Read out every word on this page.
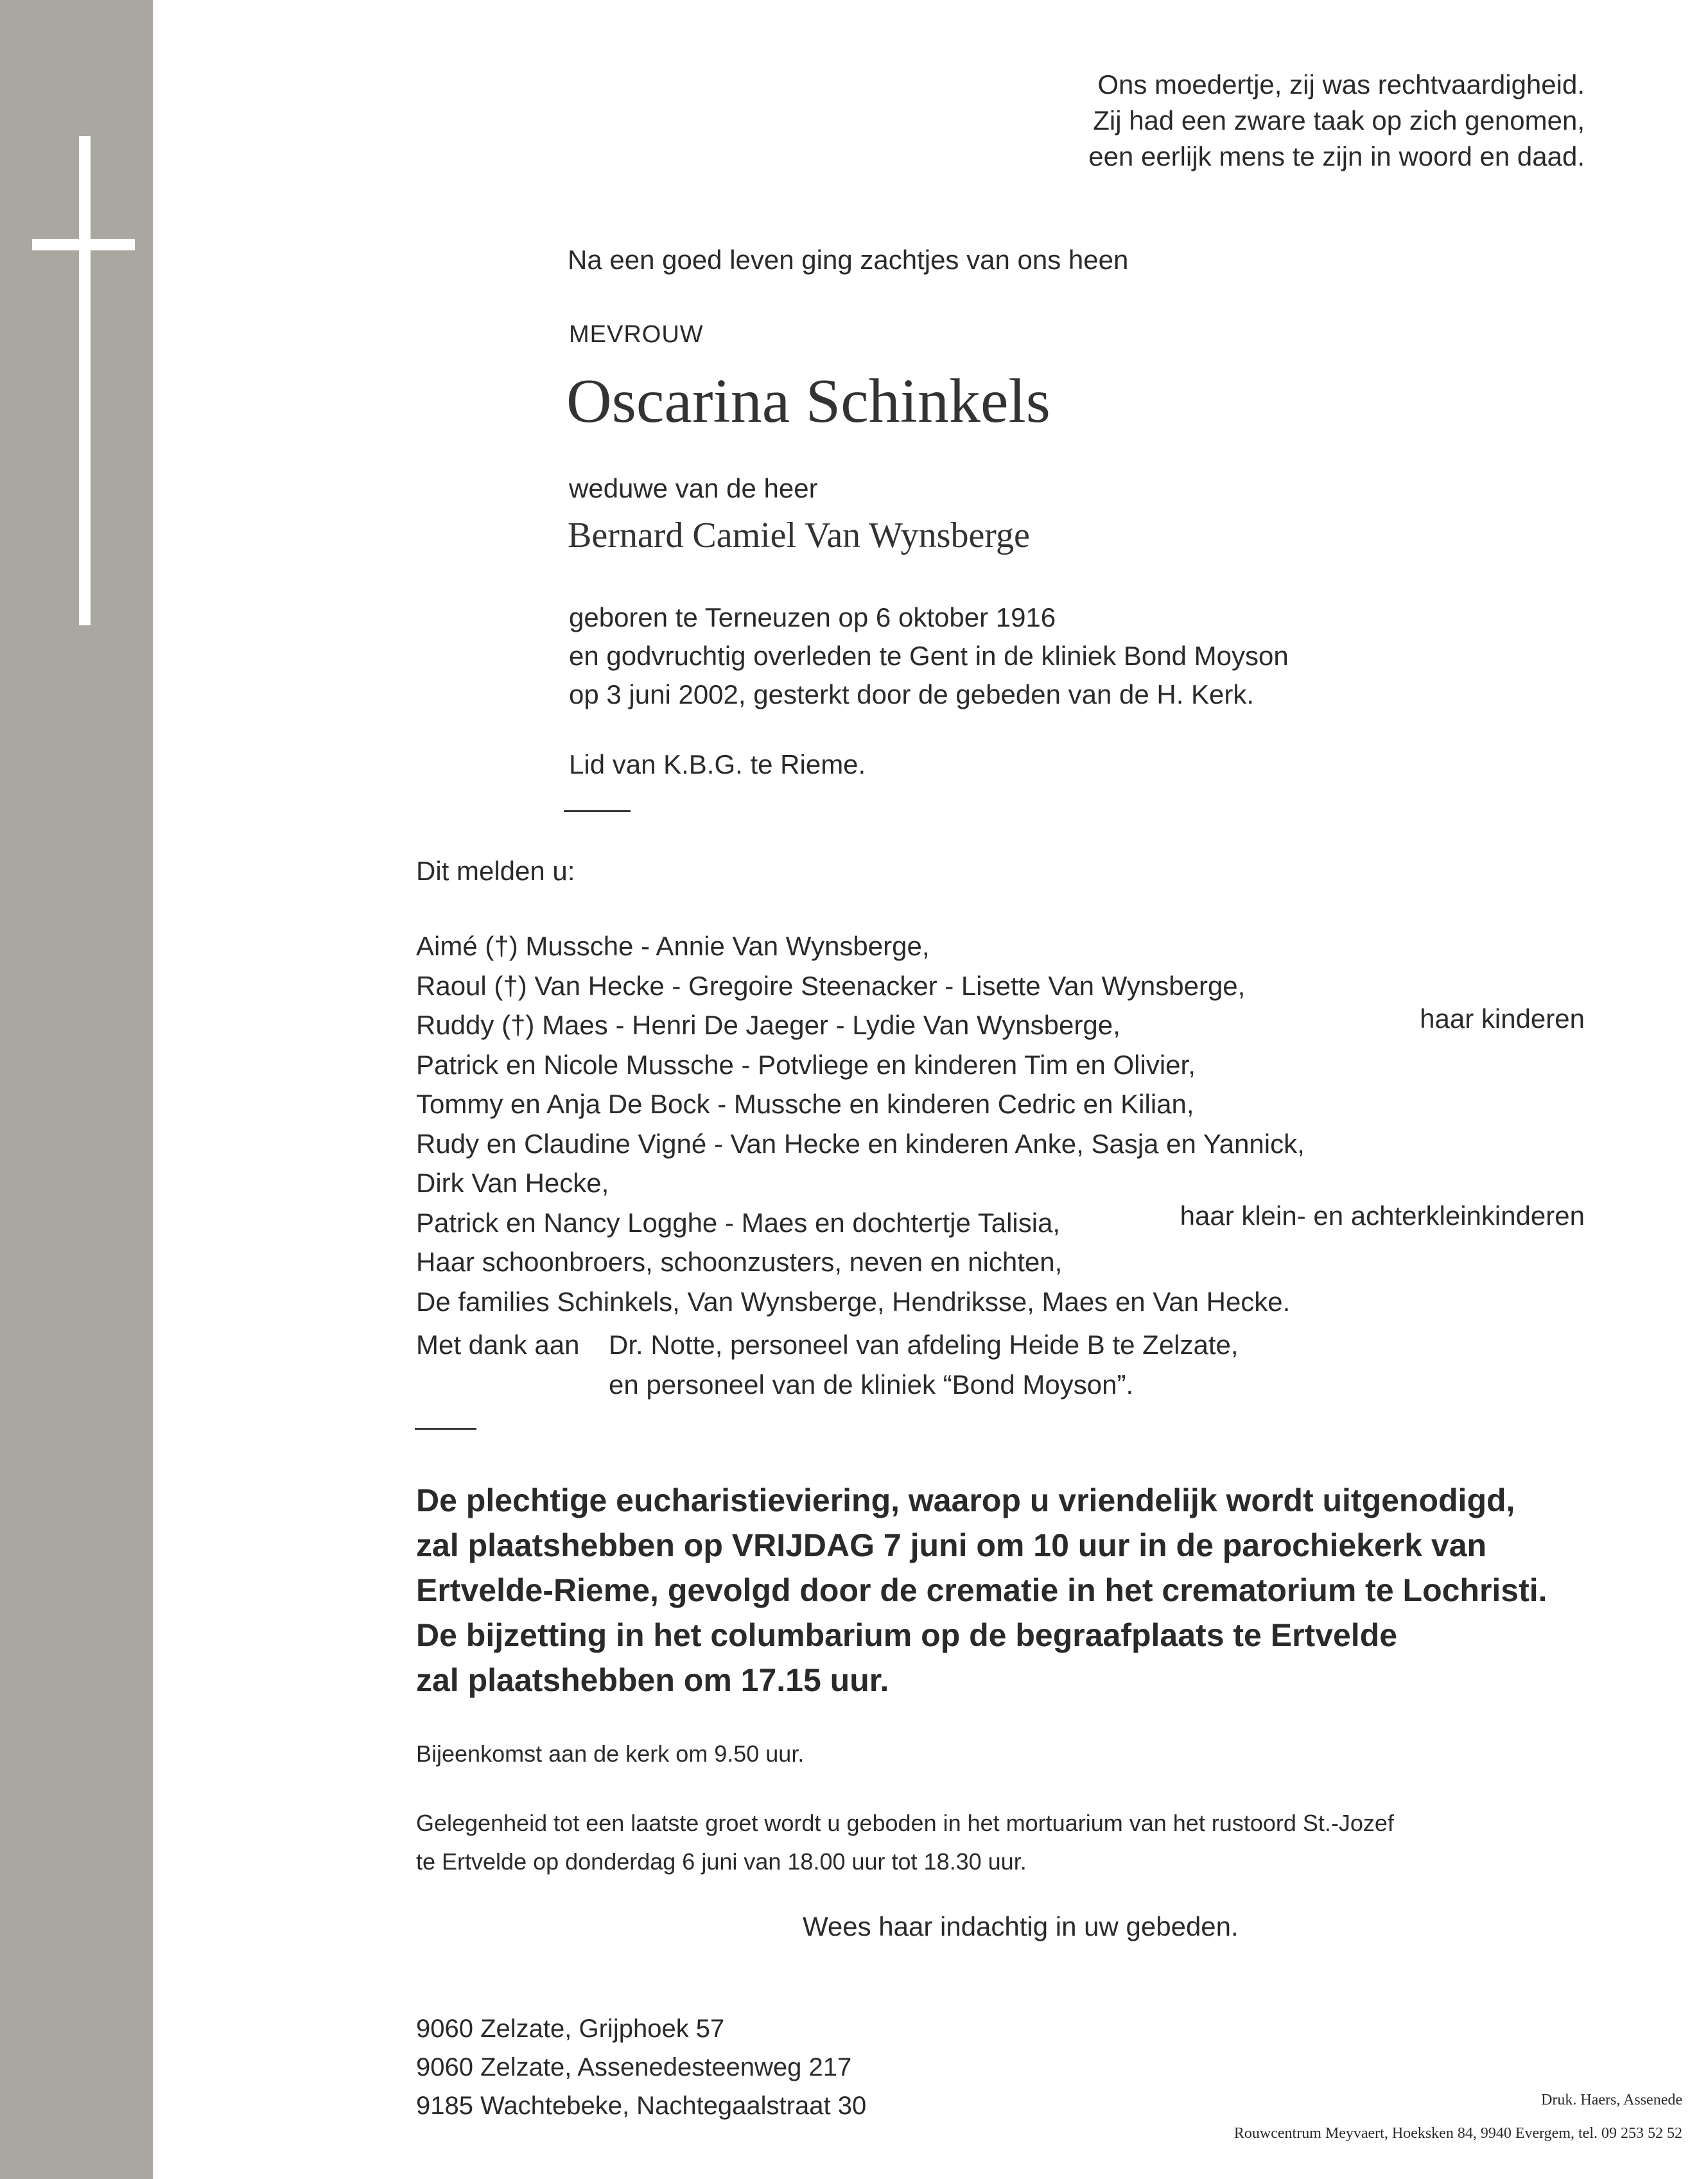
Ons moedertje, zij was rechtvaardigheid.
Zij had een zware taak op zich genomen,
een eerlijk mens te zijn in woord en daad.
Na een goed leven ging zachtjes van ons heen
MEVROUW
Oscarina Schinkels
weduwe van de heer
Bernard Camiel Van Wynsberge
geboren te Terneuzen op 6 oktober 1916
en godvruchtig overleden te Gent in de kliniek Bond Moyson
op 3 juni 2002, gesterkt door de gebeden van de H. Kerk.
Lid van K.B.G. te Rieme.
Dit melden u:
Aimé (†) Mussche - Annie Van Wynsberge,
Raoul (†) Van Hecke - Gregoire Steenacker - Lisette Van Wynsberge,
Ruddy (†) Maes - Henri De Jaeger - Lydie Van Wynsberge,
Patrick en Nicole Mussche - Potvliege en kinderen Tim en Olivier,
Tommy en Anja De Bock - Mussche en kinderen Cedric en Kilian,
Rudy en Claudine Vigné - Van Hecke en kinderen Anke, Sasja en Yannick,
Dirk Van Hecke,
Patrick en Nancy Logghe - Maes en dochtertje Talisia,
Haar schoonbroers, schoonzusters, neven en nichten,
De families Schinkels, Van Wynsberge, Hendriksse, Maes en Van Hecke.
haar kinderen
haar klein- en achterkleinkinderen
Met dank aan Dr. Notte, personeel van afdeling Heide B te Zelzate,
en personeel van de kliniek “Bond Moyson”.
De plechtige eucharistieviering, waarop u vriendelijk wordt uitgenodigd,
zal plaatshebben op VRIJDAG 7 juni om 10 uur in de parochiekerk van
Ertvelde-Rieme, gevolgd door de crematie in het crematorium te Lochristi.
De bijzetting in het columbarium op de begraafplaats te Ertvelde
zal plaatshebben om 17.15 uur.
Bijeenkomst aan de kerk om 9.50 uur.
Gelegenheid tot een laatste groet wordt u geboden in het mortuarium van het rustoord St.-Jozef
te Ertvelde op donderdag 6 juni van 18.00 uur tot 18.30 uur.
Wees haar indachtig in uw gebeden.
9060 Zelzate, Grijphoek 57
9060 Zelzate, Assenedesteenweg 217
9185 Wachtebeke, Nachtegaalstraat 30	Druk. Haers, Assenede
Rouwcentrum Meyvaert, Hoeksken 84, 9940 Evergem, tel. 09 253 52 52
